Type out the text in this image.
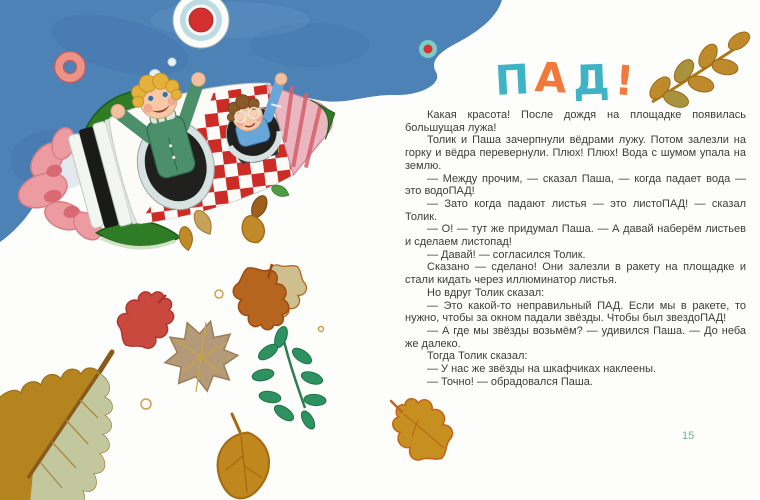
ПАД!

Какая красота! После дождя на площадке появилась большущая лужа!

Толик и Паша зачерпнули вёдрами лужу. Потом залезли на горку и вёдра перевернули. Плюх! Плюх! Вода с шумом упала на землю.

— Между прочим, — сказал Паша, — когда падает вода — это водоПАД!

— Зато когда падают листья — это листоПАД! — сказал Толик.

— О! — тут же придумал Паша. — А давай наберём листьев и сделаем листопад!

— Давай! — согласился Толик.

Сказано — сделано! Они залезли в ракету на площадке и стали кидать через иллюминатор листья.

Но вдруг Толик сказал:

— Это какой-то неправильный ПАД. Если мы в ракете, то нужно, чтобы за окном падали звёзды. Чтобы был звездоПАД!

— А где мы звёзды возьмём? — удивился Паша. — До неба же далеко.

Тогда Толик сказал:

— У нас же звёзды на шкафчиках наклеены.

— Точно! — обрадовался Паша.

15
